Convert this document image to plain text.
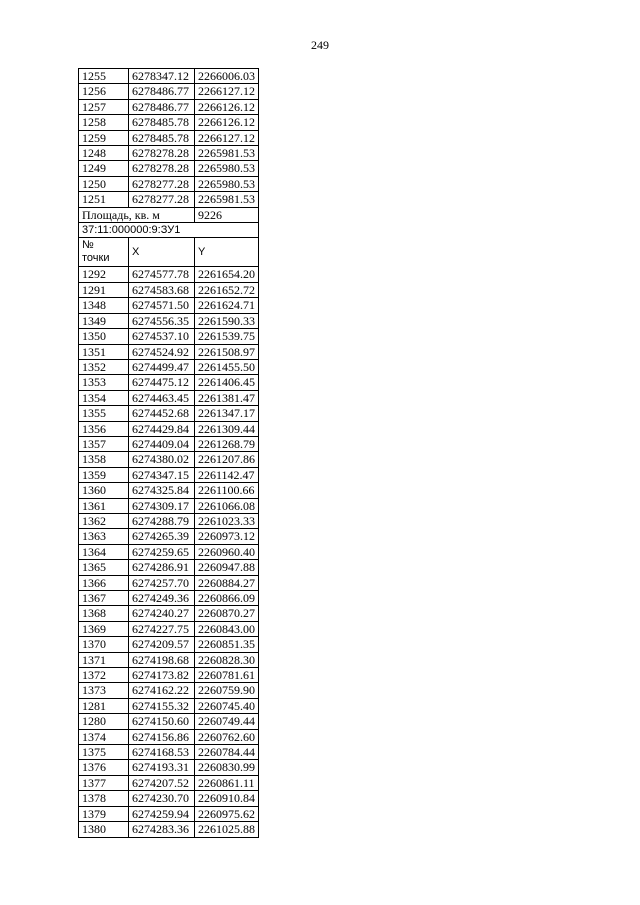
249
1255	6278347.12	2266006.03
1256	6278486.77	2266127.12
1257	6278486.77	2266126.12
1258	6278485.78	2266126.12
1259	6278485.78	2266127.12
1248	6278278.28	2265981.53
1249	6278278.28	2265980.53
1250	6278277.28	2265980.53
1251	6278277.28	2265981.53
Площадь, кв. м		9226
37:11:000000:9:ЗУ1		

№
точки	X	Y
1292	6274577.78	2261654.20
1291	6274583.68	2261652.72
1348	6274571.50	2261624.71
1349	6274556.35	2261590.33
1350	6274537.10	2261539.75
1351	6274524.92	2261508.97
1352	6274499.47	2261455.50
1353	6274475.12	2261406.45
1354	6274463.45	2261381.47
1355	6274452.68	2261347.17
1356	6274429.84	2261309.44
1357	6274409.04	2261268.79
1358	6274380.02	2261207.86
1359	6274347.15	2261142.47
1360	6274325.84	2261100.66
1361	6274309.17	2261066.08
1362	6274288.79	2261023.33
1363	6274265.39	2260973.12
1364	6274259.65	2260960.40
1365	6274286.91	2260947.88
1366	6274257.70	2260884.27
1367	6274249.36	2260866.09
1368	6274240.27	2260870.27
1369	6274227.75	2260843.00
1370	6274209.57	2260851.35
1371	6274198.68	2260828.30
1372	6274173.82	2260781.61
1373	6274162.22	2260759.90
1281	6274155.32	2260745.40
1280	6274150.60	2260749.44
1374	6274156.86	2260762.60
1375	6274168.53	2260784.44
1376	6274193.31	2260830.99
1377	6274207.52	2260861.11
1378	6274230.70	2260910.84
1379	6274259.94	2260975.62
1380	6274283.36	2261025.88
